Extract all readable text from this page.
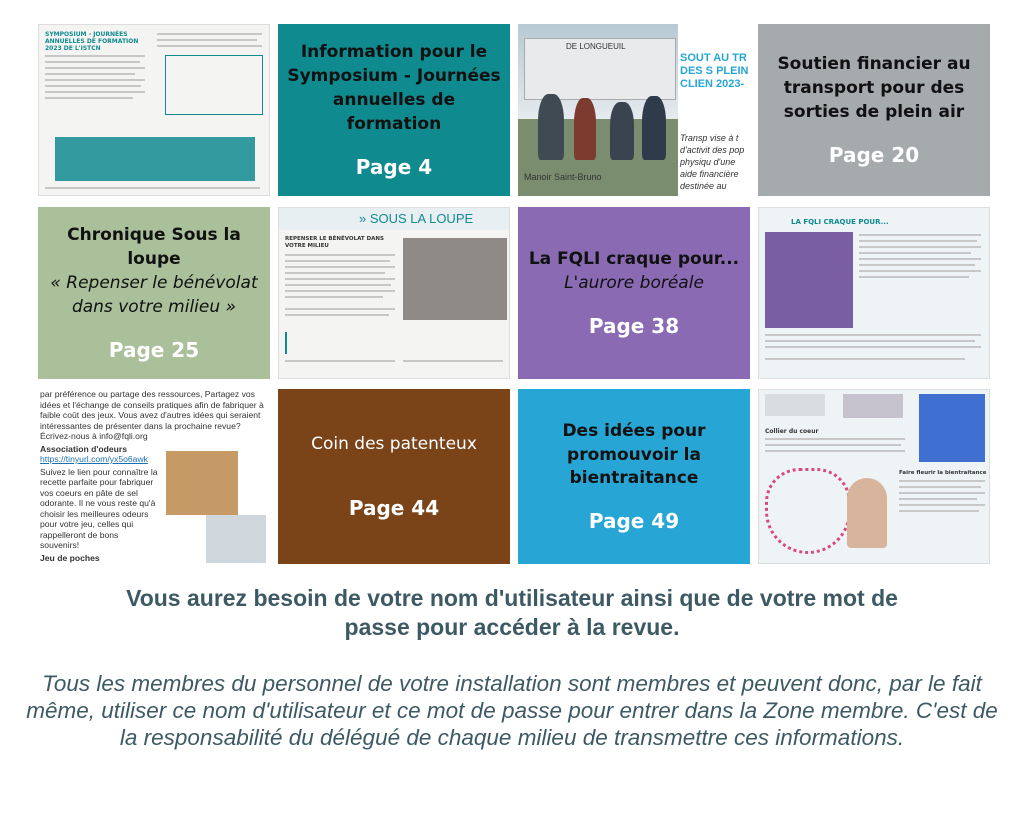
SYMPOSIUM - JOURNÉES ANNUELLES DE FORMATION 2023 DE L'ISTCN	Information pour le Symposium - Journées annuelles de formation
Page 4
DE LONGUEUIL
SOUT AU TR DES S PLEIN CLIEN 2023-
Transp vise à t d'activit des pop physiqu d'une aide financière destinée au
Manoir Saint-Bruno
Soutien financier au transport pour des sorties de plein air
Page 20
Chronique Sous la loupe
« Repenser le bénévolat dans votre milieu »
Page 25
» SOUS LA LOUPE
REPENSER LE BÉNÉVOLAT DANS VOTRE MILIEU
La FQLI craque pour...
L'aurore boréale
Page 38
LA FQLI CRAQUE POUR...
par préférence ou partage des ressources, Partagez vos idées et l'échange de conseils pratiques afin de fabriquer à faible coût des jeux. Vous avez d'autres idées qui seraient intéressantes de présenter dans la prochaine revue? Écrivez-nous à info@fqli.org
Association d'odeurs
https://tinyurl.com/yx5o6awk
Suivez le lien pour connaître la recette parfaite pour fabriquer vos coeurs en pâte de sel odorante. Il ne vous reste qu'à choisir les meilleures odeurs pour votre jeu, celles qui rappelleront de bons souvenirs!
Jeu de poches
Coin des patenteux
Page 44
Des idées pour promouvoir la bientraitance
Page 49
Collier du coeur
Faire fleurir la bientraitance
Vous aurez besoin de votre nom d'utilisateur ainsi que de votre mot de passe pour accéder à la revue.
Tous les membres du personnel de votre installation sont membres et peuvent donc, par le fait même, utiliser ce nom d'utilisateur et ce mot de passe pour entrer dans la Zone membre. C'est de la responsabilité du délégué de chaque milieu de transmettre ces informations.
